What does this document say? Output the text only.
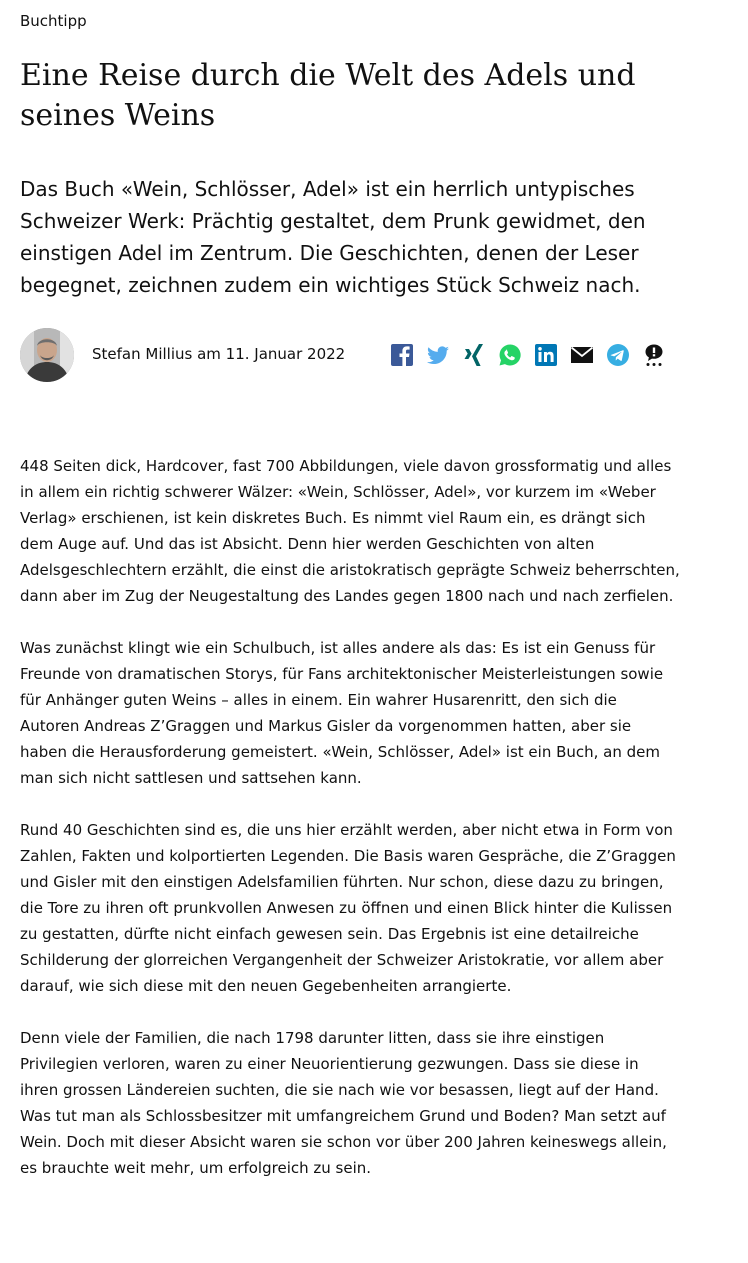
Buchtipp
Eine Reise durch die Welt des Adels und seines Weins

Das Buch «Wein, Schlösser, Adel» ist ein herrlich untypisches Schweizer Werk: Prächtig gestaltet, dem Prunk gewidmet, den einstigen Adel im Zentrum. Die Geschichten, denen der Leser begegnet, zeichnen zudem ein wichtiges Stück Schweiz nach.

Stefan Millius am 11. Januar 2022

448 Seiten dick, Hardcover, fast 700 Abbildungen, viele davon grossformatig und alles in allem ein richtig schwerer Wälzer: «Wein, Schlösser, Adel», vor kurzem im «Weber Verlag» erschienen, ist kein diskretes Buch. Es nimmt viel Raum ein, es drängt sich dem Auge auf. Und das ist Absicht. Denn hier werden Geschichten von alten Adelsgeschlechtern erzählt, die einst die aristokratisch geprägte Schweiz beherrschten, dann aber im Zug der Neugestaltung des Landes gegen 1800 nach und nach zerfielen.

Was zunächst klingt wie ein Schulbuch, ist alles andere als das: Es ist ein Genuss für Freunde von dramatischen Storys, für Fans architektonischer Meisterleistungen sowie für Anhänger guten Weins – alles in einem. Ein wahrer Husarenritt, den sich die Autoren Andreas Z’Graggen und Markus Gisler da vorgenommen hatten, aber sie haben die Herausforderung gemeistert. «Wein, Schlösser, Adel» ist ein Buch, an dem man sich nicht sattlesen und sattsehen kann.

Rund 40 Geschichten sind es, die uns hier erzählt werden, aber nicht etwa in Form von Zahlen, Fakten und kolportierten Legenden. Die Basis waren Gespräche, die Z’Graggen und Gisler mit den einstigen Adelsfamilien führten. Nur schon, diese dazu zu bringen, die Tore zu ihren oft prunkvollen Anwesen zu öffnen und einen Blick hinter die Kulissen zu gestatten, dürfte nicht einfach gewesen sein. Das Ergebnis ist eine detailreiche Schilderung der glorreichen Vergangenheit der Schweizer Aristokratie, vor allem aber darauf, wie sich diese mit den neuen Gegebenheiten arrangierte.

Denn viele der Familien, die nach 1798 darunter litten, dass sie ihre einstigen Privilegien verloren, waren zu einer Neuorientierung gezwungen. Dass sie diese in ihren grossen Ländereien suchten, die sie nach wie vor besassen, liegt auf der Hand. Was tut man als Schlossbesitzer mit umfangreichem Grund und Boden? Man setzt auf Wein. Doch mit dieser Absicht waren sie schon vor über 200 Jahren keineswegs allein, es brauchte weit mehr, um erfolgreich zu sein.
